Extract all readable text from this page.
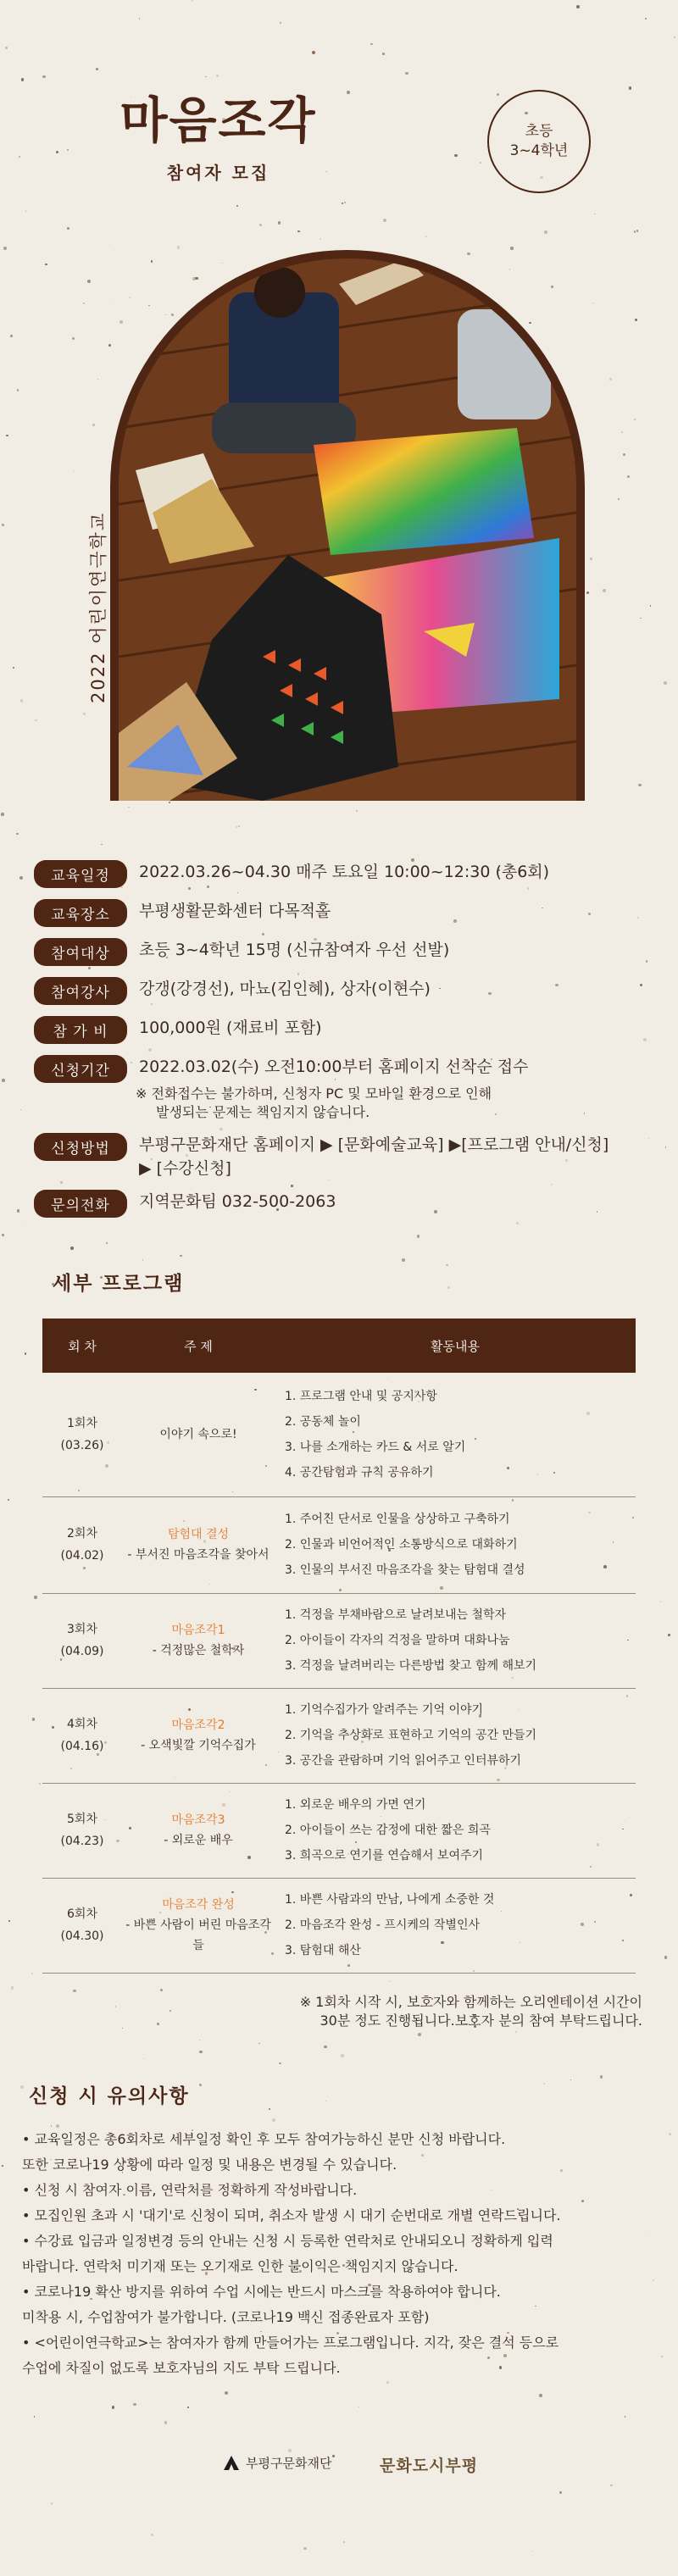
마음조각
참여자 모집
초등
3~4학년
2022 어린이연극학교
교육일정	2022.03.26~04.30 매주 토요일 10:00~12:30 (총6회)
교육장소	부평생활문화센터 다목적홀
참여대상	초등 3~4학년 15명 (신규참여자 우선 선발)
참여강사	강갱(강경선), 마뇨(김인혜), 상자(이현수)
참 가 비	100,000원 (재료비 포함)
신청기간	2022.03.02(수) 오전10:00부터 홈페이지 선착순 접수
※ 전화접수는 불가하며, 신청자 PC 및 모바일 환경으로 인해
발생되는 문제는 책임지지 않습니다.
신청방법	부평구문화재단 홈페이지 ▶ [문화예술교육] ▶[프로그램 안내/신청]
▶ [수강신청]
문의전화	지역문화팀 032-500-2063
세부 프로그램
회 차	주 제	활동내용

1회차
(03.26)	이야기 속으로!	1. 프로그램 안내 및 공지사항
2. 공동체 놀이
3. 나를 소개하는 카드 & 서로 알기
4. 공간탐험과 규칙 공유하기

2회차
(04.02)	탐험대 결성
- 부서진 마음조각을 찾아서	1. 주어진 단서로 인물을 상상하고 구축하기
2. 인물과 비언어적인 소통방식으로 대화하기
3. 인물의 부서진 마음조각을 찾는 탐험대 결성

3회차
(04.09)	마음조각1
- 걱정많은 철학자	1. 걱정을 부채바람으로 날려보내는 철학자
2. 아이들이 각자의 걱정을 말하며 대화나눔
3. 걱정을 날려버리는 다른방법 찾고 함께 해보기

4회차
(04.16)	마음조각2
- 오색빛깔 기억수집가	1. 기억수집가가 알려주는 기억 이야기
2. 기억을 추상화로 표현하고 기억의 공간 만들기
3. 공간을 관람하며 기억 읽어주고 인터뷰하기

5회차
(04.23)	마음조각3
- 외로운 배우	1. 외로운 배우의 가면 연기
2. 아이들이 쓰는 감정에 대한 짧은 희곡
3. 희곡으로 연기를 연습해서 보여주기

6회차
(04.30)	마음조각 완성
- 바쁜 사람이 버린 마음조각들	1. 바쁜 사람과의 만남, 나에게 소중한 것
2. 마음조각 완성 - 프시케의 작별인사
3. 탐험대 해산
※ 1회차 시작 시, 보호자와 함께하는 오리엔테이션 시간이
30분 정도 진행됩니다.보호자 분의 참여 부탁드립니다.
신청 시 유의사항

• 교육일정은 총6회차로 세부일정 확인 후 모두 참여가능하신 분만 신청 바랍니다.

또한 코로나19 상황에 따라 일정 및 내용은 변경될 수 있습니다.

• 신청 시 참여자 이름, 연락처를 정확하게 작성바랍니다.

• 모집인원 초과 시 '대기'로 신청이 되며, 취소자 발생 시 대기 순번대로 개별 연락드립니다.

• 수강료 입금과 일정변경 등의 안내는 신청 시 등록한 연락처로 안내되오니 정확하게 입력

바랍니다. 연락처 미기재 또는 오기재로 인한 불이익은 책임지지 않습니다.

• 코로나19 확산 방지를 위하여 수업 시에는 반드시 마스크를 착용하여야 합니다.

미착용 시, 수업참여가 불가합니다. (코로나19 백신 접종완료자 포함)

• <어린이연극학교>는 참여자가 함께 만들어가는 프로그램입니다. 지각, 잦은 결석 등으로

수업에 차질이 없도록 보호자님의 지도 부탁 드립니다.

부평구문화재단	문화도시부평
